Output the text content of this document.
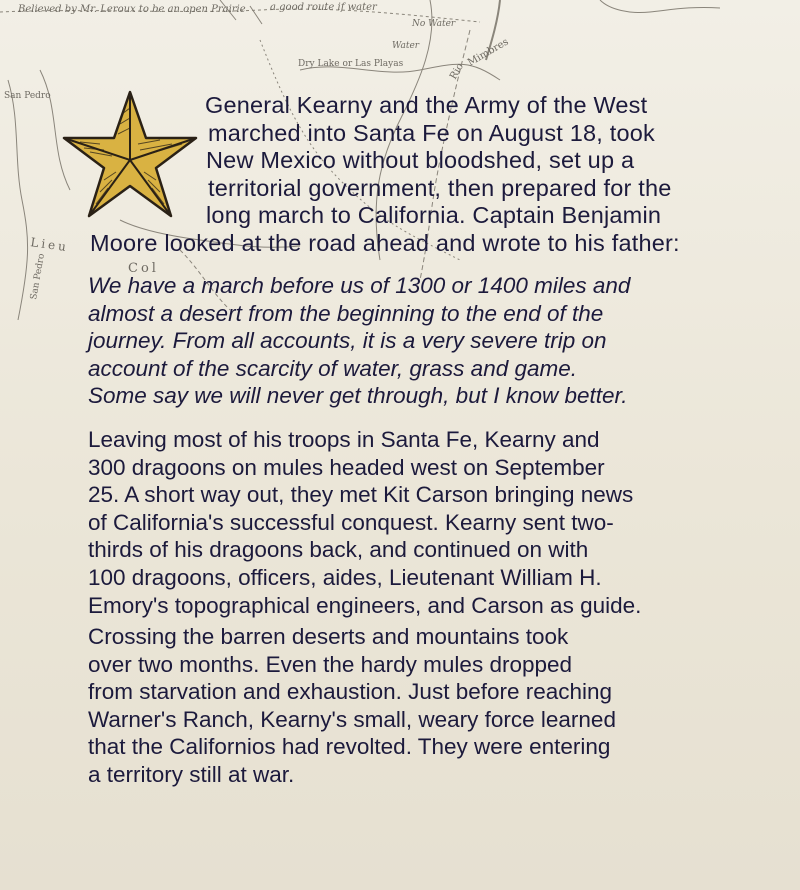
Believed by Mr. Leroux to be an open Prairie a good route if water
No Water
Water
Dry Lake or Las Playas
San Pedro
Col
Lieu
Rio
San Pedro
Mimbres
General Kearny and the Army of the West
marched into Santa Fe on August 18, took
New Mexico without bloodshed, set up a
territorial government, then prepared for the
long march to California. Captain Benjamin
Moore looked at the road ahead and wrote to his father:
We have a march before us of 1300 or 1400 miles and
almost a desert from the beginning to the end of the
journey. From all accounts, it is a very severe trip on
account of the scarcity of water, grass and game.
Some say we will never get through, but I know better.
Leaving most of his troops in Santa Fe, Kearny and
300 dragoons on mules headed west on September
25. A short way out, they met Kit Carson bringing news
of California's successful conquest. Kearny sent two-
thirds of his dragoons back, and continued on with
100 dragoons, officers, aides, Lieutenant William H.
Emory's topographical engineers, and Carson as guide.
Crossing the barren deserts and mountains took
over two months. Even the hardy mules dropped
from starvation and exhaustion. Just before reaching
Warner's Ranch, Kearny's small, weary force learned
that the Californios had revolted. They were entering
a territory still at war.
